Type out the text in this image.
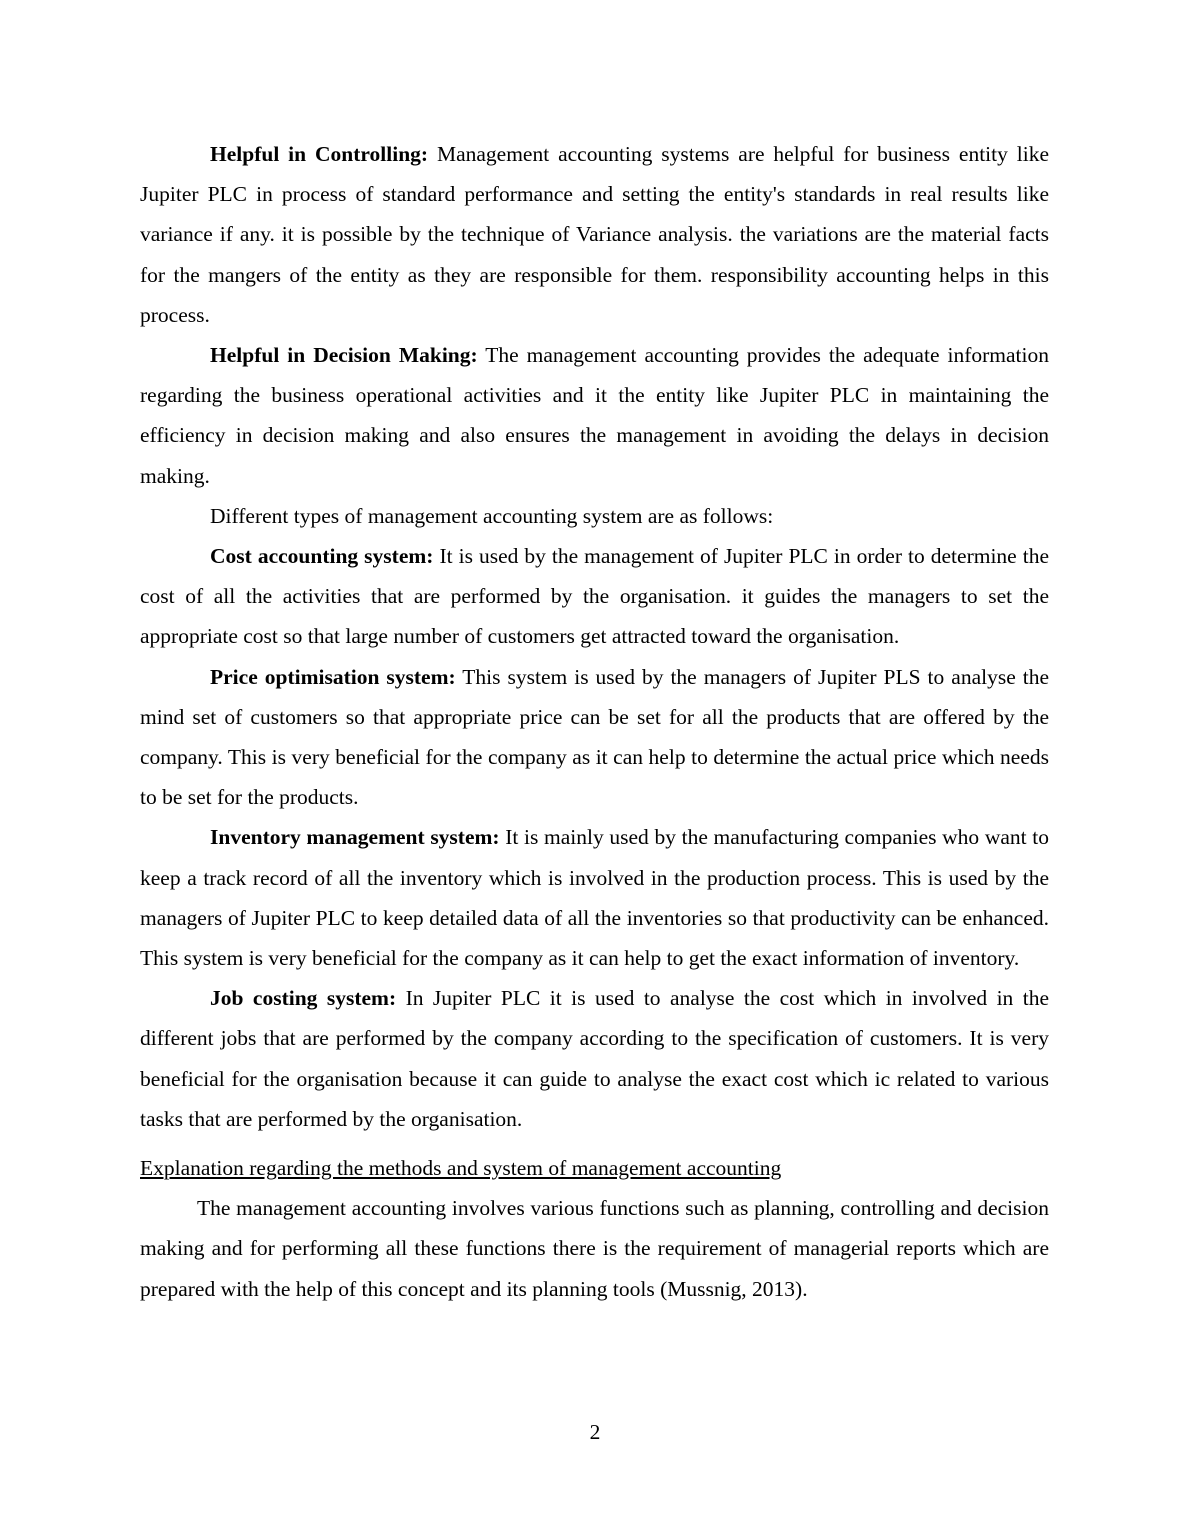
Helpful in Controlling: Management accounting systems are helpful for business entity like Jupiter PLC in process of standard performance and setting the entity's standards in real results like variance if any. it is possible by the technique of Variance analysis. the variations are the material facts for the mangers of the entity as they are responsible for them. responsibility accounting helps in this process.

Helpful in Decision Making: The management accounting provides the adequate information regarding the business operational activities and it the entity like Jupiter PLC in maintaining the efficiency in decision making and also ensures the management in avoiding the delays in decision making.

Different types of management accounting system are as follows:

Cost accounting system: It is used by the management of Jupiter PLC in order to determine the cost of all the activities that are performed by the organisation. it guides the managers to set the appropriate cost so that large number of customers get attracted toward the organisation.

Price optimisation system: This system is used by the managers of Jupiter PLS to analyse the mind set of customers so that appropriate price can be set for all the products that are offered by the company. This is very beneficial for the company as it can help to determine the actual price which needs to be set for the products.

Inventory management system: It is mainly used by the manufacturing companies who want to keep a track record of all the inventory which is involved in the production process. This is used by the managers of Jupiter PLC to keep detailed data of all the inventories so that productivity can be enhanced. This system is very beneficial for the company as it can help to get the exact information of inventory.

Job costing system: In Jupiter PLC it is used to analyse the cost which in involved in the different jobs that are performed by the company according to the specification of customers. It is very beneficial for the organisation because it can guide to analyse the exact cost which ic related to various tasks that are performed by the organisation.

Explanation regarding the methods and system of management accounting

The management accounting involves various functions such as planning, controlling and decision making and for performing all these functions there is the requirement of managerial reports which are prepared with the help of this concept and its planning tools (Mussnig, 2013).

2
